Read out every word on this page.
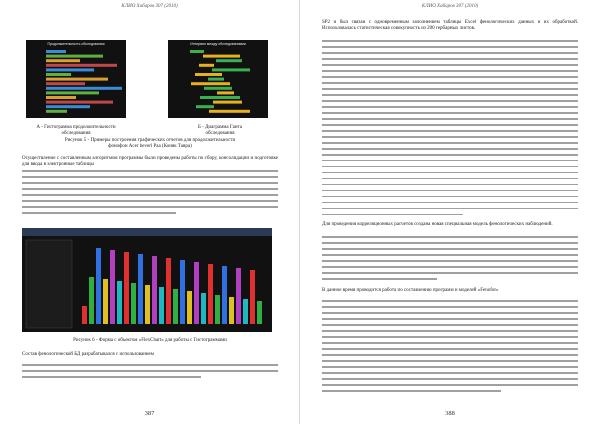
КЛИО Хабаров 307 (2010)
Продолжительность обследования	Интервал между обследованиями
А - Гистограмма продолжительности
обследования
Б - Диаграмма Ганта
обследования
Рисунок 5 - Примеры построения графических отчетов для продолжительности
фонофон Acer beverl Paa (Коняк Тавра)
Осуществление с составленным алгоритмом программы были проведены работы по сбору, консолидации и подготовке для ввода в электронные таблицы
Рисунок 6 - Форма с объектом «FlexChart» для работы с Гистограммами
Состав фенологической БД разрабатывался с использованием
387
КЛИО Хабаров 307 (2010)
SP2 и был связан с одновременным заполнением таблицы Excel фенологических данных и их обработкой. Использовалась статистическая совокупность из 200 гербарных листов.
Для проведения корреляционных расчетов создана новая специальная модель фенологических наблюдений.
В данное время проводится работа по составлению программ и моделей «Fenofor»
388
